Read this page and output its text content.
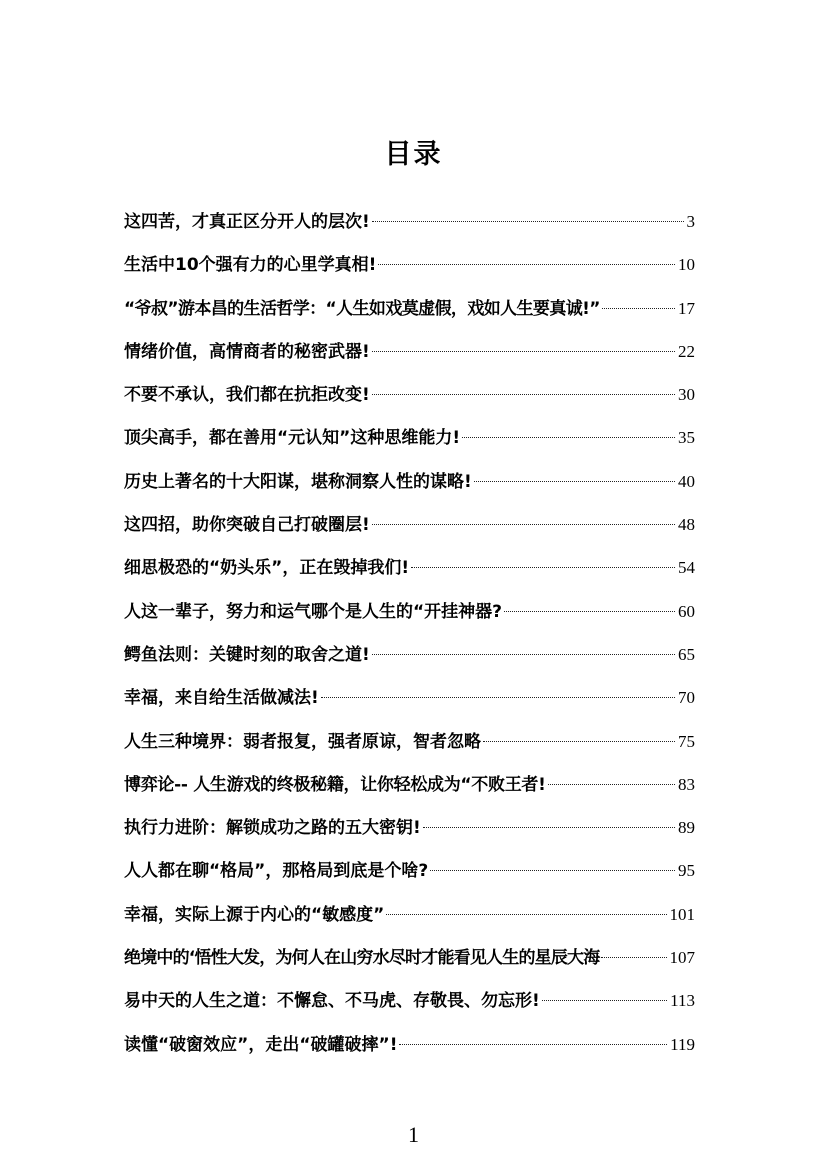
目录
这四苦，才真正区分开人的层次!	3
生活中10个强有力的心里学真相!	10
“爷叔”游本昌的生活哲学：“人生如戏莫虚假，戏如人生要真诚!”	17
情绪价值，高情商者的秘密武器!	22
不要不承认，我们都在抗拒改变!	30
顶尖高手，都在善用“元认知”这种思维能力!	35
历史上著名的十大阳谋，堪称洞察人性的谋略!	40
这四招，助你突破自己打破圈层!	48
细思极恐的“奶头乐”，正在毁掉我们!	54
人这一辈子，努力和运气哪个是人生的“开挂神器?	60
鳄鱼法则：关键时刻的取舍之道!	65
幸福，来自给生活做减法!	70
人生三种境界：弱者报复，强者原谅，智者忽略	75
博弈论-- 人生游戏的终极秘籍，让你轻松成为“不败王者!	83
执行力进阶：解锁成功之路的五大密钥!	89
人人都在聊“格局”，那格局到底是个啥?	95
幸福，实际上源于内心的“敏感度”	101
绝境中的‘悟性大发，为何人在山穷水尽时才能看见人生的星辰大海	107
易中天的人生之道：不懈怠、不马虎、存敬畏、勿忘形!	113
读懂“破窗效应”，走出“破罐破摔”!	119
1
